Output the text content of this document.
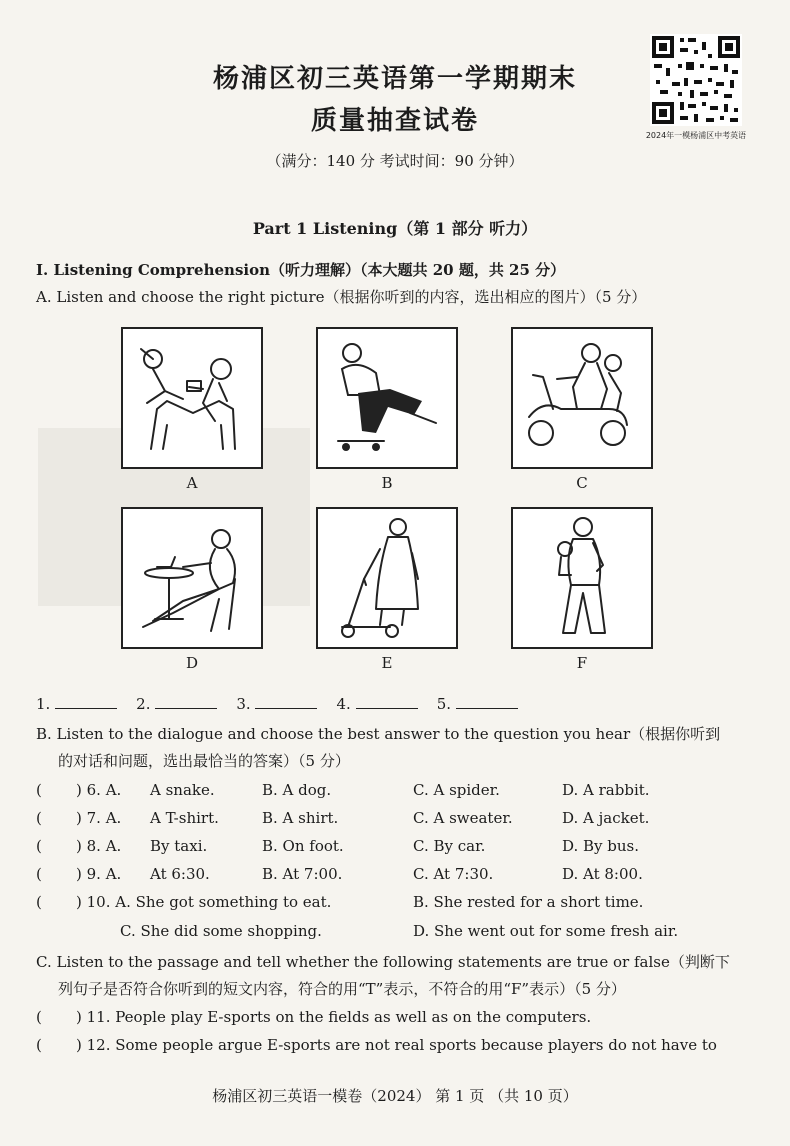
杨浦区初三英语第一学期期末
质量抽查试卷
（满分：140 分 考试时间：90 分钟）
2024年一模杨浦区中考英语
Part 1 Listening（第 1 部分 听力）
Ⅰ. Listening Comprehension（听力理解）（本大题共 20 题，共 25 分）
A. Listen and choose the right picture（根据你听到的内容，选出相应的图片）（5 分）
A	B	C
D	E	F
1.	2.	3.	4.	5.
B. Listen to the dialogue and choose the best answer to the question you hear（根据你听到
的对话和问题，选出最恰当的答案）（5 分）
( ) 6. A. A snake.	B. A dog.	C. A spider.	D. A rabbit.
( ) 7. A. A T-shirt.	B. A shirt.	C. A sweater.	D. A jacket.
( ) 8. A. By taxi.	B. On foot.	C. By car.	D. By bus.
( ) 9. A. At 6:30.	B. At 7:00.	C. At 7:30.	D. At 8:00.
( ) 10. A. She got something to eat.	B. She rested for a short time.
C. She did some shopping.	D. She went out for some fresh air.
C. Listen to the passage and tell whether the following statements are true or false（判断下
列句子是否符合你听到的短文内容，符合的用“T”表示，不符合的用“F”表示）（5 分）
( ) 11. People play E-sports on the fields as well as on the computers.
( ) 12. Some people argue E-sports are not real sports because players do not have to
杨浦区初三英语一模卷（2024） 第 1 页 （共 10 页）
